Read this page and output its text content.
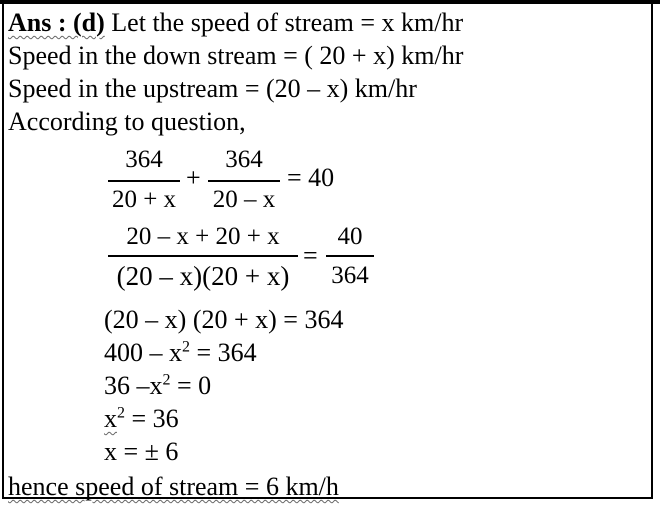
Ans : (d) Let the speed of stream = x km/hr
Speed in the down stream = ( 20 + x) km/hr
Speed in the upstream = (20 – x) km/hr
According to question,
364
20 + x
+
364
20 – x
= 40
20 – x + 20 + x
(20 – x)(20 + x)
=
40
364
(20 – x) (20 + x) = 364
$400 - x^2 = 364$
36 $-x^2 = 0$
$x^2 = 36$
x = ± 6
hence speed of stream = 6 km/h
